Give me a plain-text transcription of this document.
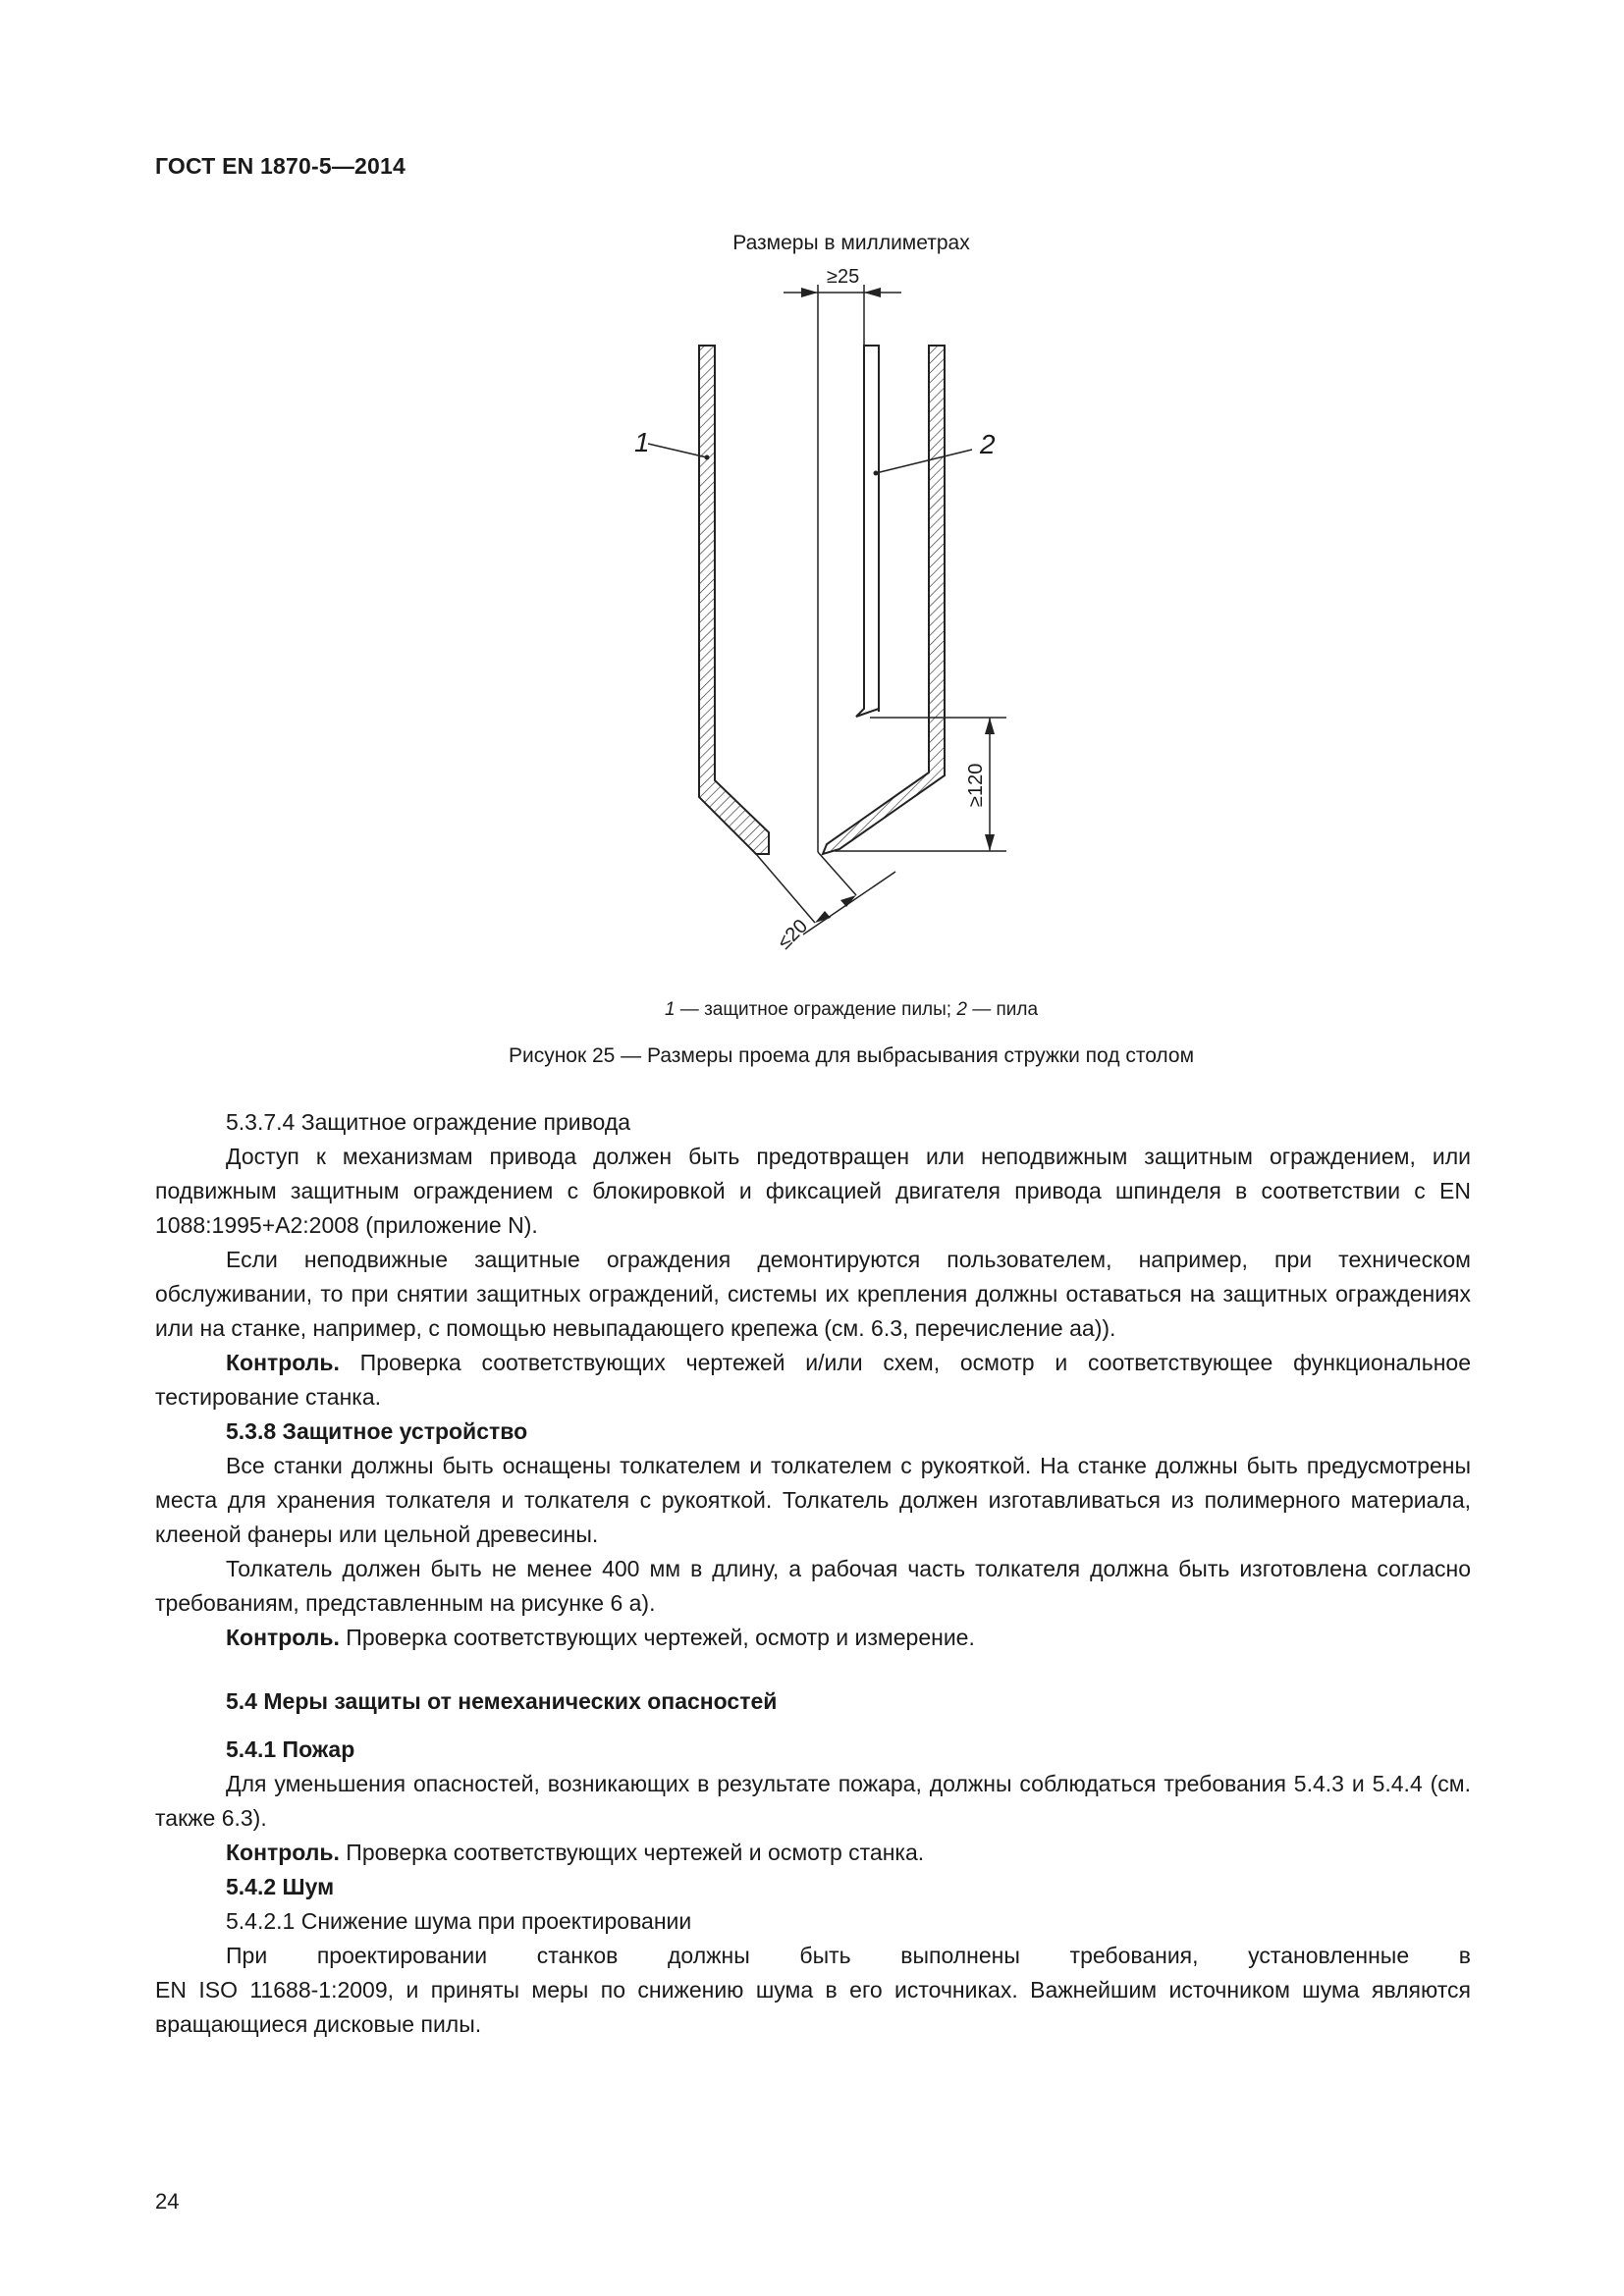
ГОСТ EN 1870-5—2014
Размеры в миллиметрах
1	2
≥25
≥120
≤20
1 — защитное ограждение пилы; 2 — пила
Рисунок 25 — Размеры проема для выбрасывания стружки под столом

5.3.7.4 Защитное ограждение привода

Доступ к механизмам привода должен быть предотвращен или неподвижным защитным ограждением, или подвижным защитным ограждением с блокировкой и фиксацией двигателя привода шпинделя в соответствии с EN 1088:1995+A2:2008 (приложение N).

Если неподвижные защитные ограждения демонтируются пользователем, например, при техническом обслуживании, то при снятии защитных ограждений, системы их крепления должны оставаться на защитных ограждениях или на станке, например, с помощью невыпадающего крепежа (см. 6.3, перечисление аа)).

Контроль. Проверка соответствующих чертежей и/или схем, осмотр и соответствующее функциональное тестирование станка.

5.3.8 Защитное устройство

Все станки должны быть оснащены толкателем и толкателем с рукояткой. На станке должны быть предусмотрены места для хранения толкателя и толкателя с рукояткой. Толкатель должен изготавливаться из полимерного материала, клееной фанеры или цельной древесины.

Толкатель должен быть не менее 400 мм в длину, а рабочая часть толкателя должна быть изготовлена согласно требованиям, представленным на рисунке 6 а).

Контроль. Проверка соответствующих чертежей, осмотр и измерение.

5.4 Меры защиты от немеханических опасностей

5.4.1 Пожар

Для уменьшения опасностей, возникающих в результате пожара, должны соблюдаться требования 5.4.3 и 5.4.4 (см. также 6.3).

Контроль. Проверка соответствующих чертежей и осмотр станка.

5.4.2 Шум

5.4.2.1 Снижение шума при проектировании

При проектировании станков должны быть выполнены требования, установленные в
EN ISO 11688-1:2009, и приняты меры по снижению шума в его источниках. Важнейшим источником шума являются вращающиеся дисковые пилы.

24
